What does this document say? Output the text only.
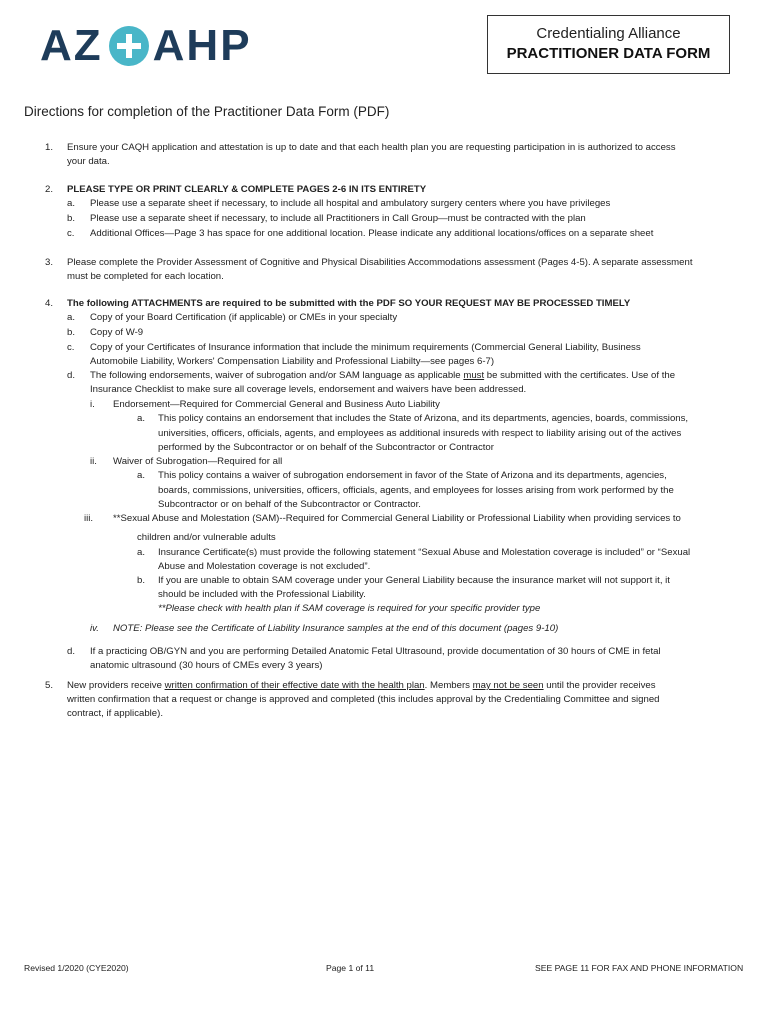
AZ AHP	Credentialing Alliance
PRACTITIONER DATA FORM
Directions for completion of the Practitioner Data Form (PDF)
1. Ensure your CAQH application and attestation is up to date and that each health plan you are requesting participation in is authorized to access
your data.
2. PLEASE TYPE OR PRINT CLEARLY & COMPLETE PAGES 2-6 IN ITS ENTIRETY
a. Please use a separate sheet if necessary, to include all hospital and ambulatory surgery centers where you have privileges
b. Please use a separate sheet if necessary, to include all Practitioners in Call Group—must be contracted with the plan
c. Additional Offices—Page 3 has space for one additional location. Please indicate any additional locations/offices on a separate sheet
3. Please complete the Provider Assessment of Cognitive and Physical Disabilities Accommodations assessment (Pages 4-5). A separate assessment
must be completed for each location.
4. The following ATTACHMENTS are required to be submitted with the PDF SO YOUR REQUEST MAY BE PROCESSED TIMELY
a. Copy of your Board Certification (if applicable) or CMEs in your specialty
b. Copy of W-9
c. Copy of your Certificates of Insurance information that include the minimum requirements (Commercial General Liability, Business
Automobile Liability, Workers' Compensation Liability and Professional Liabilty—see pages 6-7)
d. The following endorsements, waiver of subrogation and/or SAM language as applicable must be submitted with the certificates. Use of the
Insurance Checklist to make sure all coverage levels, endorsement and waivers have been addressed.
i. Endorsement—Required for Commercial General and Business Auto Liability
a. This policy contains an endorsement that includes the State of Arizona, and its departments, agencies, boards, commissions,
universities, officers, officials, agents, and employees as additional insureds with respect to liability arising out of the actives
performed by the Subcontractor or on behalf of the Subcontractor or Contractor
ii. Waiver of Subrogation—Required for all
a. This policy contains a waiver of subrogation endorsement in favor of the State of Arizona and its departments, agencies,
boards, commissions, universities, officers, officials, agents, and employees for losses arising from work performed by the
Subcontractor or on behalf of the Subcontractor or Contractor.
iii. **Sexual Abuse and Molestation (SAM)--Required for Commercial General Liability or Professional Liability when providing services to
children and/or vulnerable adults
a. Insurance Certificate(s) must provide the following statement “Sexual Abuse and Molestation coverage is included” or “Sexual
Abuse and Molestation coverage is not excluded”.
b. If you are unable to obtain SAM coverage under your General Liability because the insurance market will not support it, it
should be included with the Professional Liability.
**Please check with health plan if SAM coverage is required for your specific provider type
iv. NOTE: Please see the Certificate of Liability Insurance samples at the end of this document (pages 9-10)
d. If a practicing OB/GYN and you are performing Detailed Anatomic Fetal Ultrasound, provide documentation of 30 hours of CME in fetal
anatomic ultrasound (30 hours of CMEs every 3 years)
5. New providers receive written confirmation of their effective date with the health plan. Members may not be seen until the provider receives
written confirmation that a request or change is approved and completed (this includes approval by the Credentialing Committee and signed
contract, if applicable).
Revised 1/2020 (CYE2020)	Page 1 of 11	SEE PAGE 11 FOR FAX AND PHONE INFORMATION
